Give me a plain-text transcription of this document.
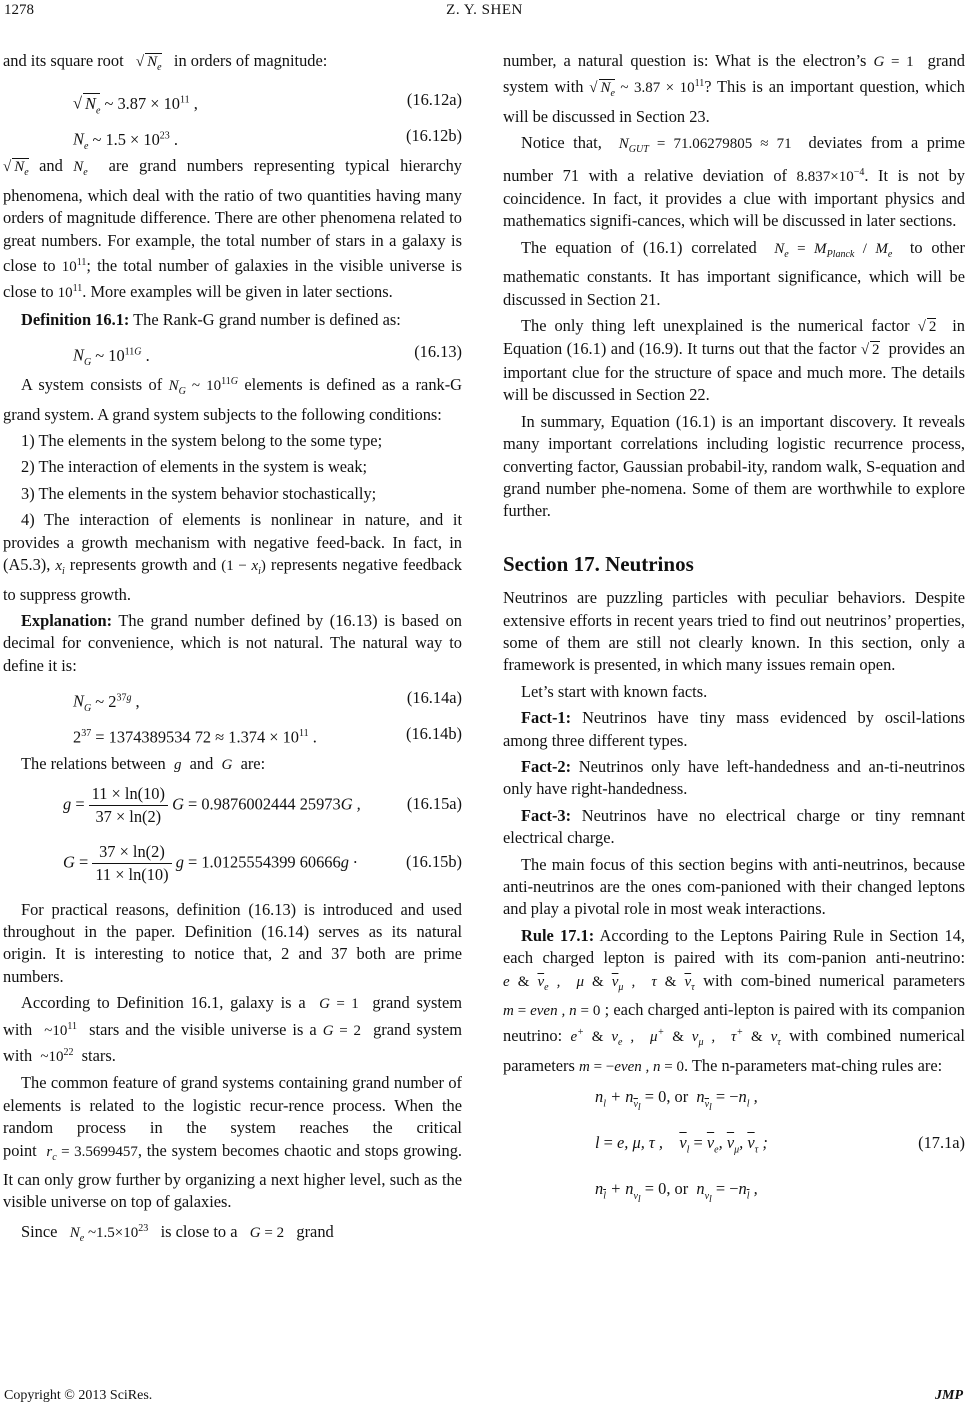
1278	Z. Y. SHEN

and its square root √ $N_e$ in orders of magnitude:

√ $N_e$ ~ $3.87 \times 10^{11}$ ,	(16.12a)
$N_e$ ~ $1.5 \times 10^{23}$ .	(16.12b)

√ $N_e$ and $N_e$ are grand numbers representing typical hierarchy phenomena, which deal with the ratio of two quantities having many orders of magnitude difference. There are other phenomena related to great numbers. For example, the total number of stars in a galaxy is close to $10^{11}$; the total number of galaxies in the visible universe is close to $10^{11}$. More examples will be given in later sections.

Definition 16.1: The Rank-G grand number is defined as:

$N_G$ ~ $10^{11G}$ .	(16.13)

A system consists of $N_G$ ~ $10^{11G}$ elements is defined as a rank-G grand system. A grand system subjects to the following conditions:

1) The elements in the system belong to the some type;

2) The interaction of elements in the system is weak;

3) The elements in the system behavior stochastically;

4) The interaction of elements is nonlinear in nature, and it provides a growth mechanism with negative feed-back. In fact, in (A5.3), $x_i$ represents growth and $(1 - x_i)$ represents negative feedback to suppress growth.

Explanation: The grand number defined by (16.13) is based on decimal for convenience, which is not natural. The natural way to define it is:

$N_G$ ~ $2^{37g}$ ,	(16.14a)
$2^{37} = 1374389534$ $72 \approx 1.374 \times 10^{11}$ .	(16.14b)

The relations between g and G are:

$g = \frac{11 \times \ln(10)}{37 \times \ln(2)}$ G = 0.9876002444 25973G ,	(16.15a)
$G = \frac{37 \times \ln(2)}{11 \times \ln(10)}$ g = 1.0125554399 60666g ·	(16.15b)

For practical reasons, definition (16.13) is introduced and used throughout in the paper. Definition (16.14) serves as its natural origin. It is interesting to notice that, 2 and 37 both are prime numbers.

According to Definition 16.1, galaxy is a G = 1 grand system with $\sim 10^{11}$ stars and the visible universe is a G = 2 grand system with $\sim 10^{22}$ stars.

The common feature of grand systems containing grand number of elements is related to the logistic recur-rence process. When the random process in the system reaches the critical point $r_c = 3.5699457$, the system becomes chaotic and stops growing. It can only grow further by organizing a next higher level, such as the visible universe on top of galaxies.

Since $N_e$ $\sim 1.5\times 10^{23}$ is close to a G = 2 grand

number, a natural question is: What is the electron’s G = 1 grand system with √ $N_e$ ~ $3.87 \times 10^{11}$? This is an important question, which will be discussed in Section 23.

Notice that, $N_{GUT} = 71.06279805 \approx 71$ deviates from a prime number 71 with a relative deviation of $8.837\times 10^{-4}$. It is not by coincidence. In fact, it provides a clue with important physics and mathematics signifi-cances, which will be discussed in later sections.

The equation of (16.1) correlated $N_e = M_{Planck} / M_e$ to other mathematic constants. It has important significance, which will be discussed in Section 21.

The only thing left unexplained is the numerical factor √ 2 in Equation (16.1) and (16.9). It turns out that the factor √ 2 provides an important clue for the structure of space and much more. The details will be discussed in Section 22.

In summary, Equation (16.1) is an important discovery. It reveals many important correlations including logistic recurrence process, converting factor, Gaussian probabil-ity, random walk, S-equation and grand number phe-nomena. Some of them are worthwhile to explore further.

Section 17. Neutrinos

Neutrinos are puzzling particles with peculiar behaviors. Despite extensive efforts in recent years tried to find out neutrinos’ properties, some of them are still not clearly known. In this section, only a framework is presented, in which many issues remain open.

Let’s start with known facts.

Fact-1: Neutrinos have tiny mass evidenced by oscil-lations among three different types.

Fact-2: Neutrinos only have left-handedness and an-ti-neutrinos only have right-handedness.

Fact-3: Neutrinos have no electrical charge or tiny remnant electrical charge.

The main focus of this section begins with anti-neutrinos, because anti-neutrinos are the ones com-panioned with their changed leptons and play a pivotal role in most weak interactions.

Rule 17.1: According to the Leptons Pairing Rule in Section 14, each charged lepton is paired with its com-panion anti-neutrino: e & $\overline{\nu}_e$ ,  μ & $\overline{\nu}_\mu$ ,  τ & $\overline{\nu}_\tau$ with com-bined numerical parameters m = even , n = 0 ; each charged anti-lepton is paired with its companion neutrino: e+ & $\nu_e$ ,  μ+ & $\nu_\mu$ ,  τ+ & $\nu_\tau$ with combined numerical parameters m = −even , n = 0. The n-parameters mat-ching rules are:

$n_l + n_{\overline{\nu}_l} = 0$, or  $n_{\overline{\nu}_l} = -n_l$ ,
l = e, μ, τ ,    $\overline{\nu}_l = \overline{\nu}_e$, $\overline{\nu}_\mu$, $\overline{\nu}_\tau$ ;	(17.1a)
$n_{\overline{l}} + n_{\nu_l} = 0$, or  $n_{\nu_l} = -n_{\overline{l}}$ ,
Copyright © 2013 SciRes.	JMP
